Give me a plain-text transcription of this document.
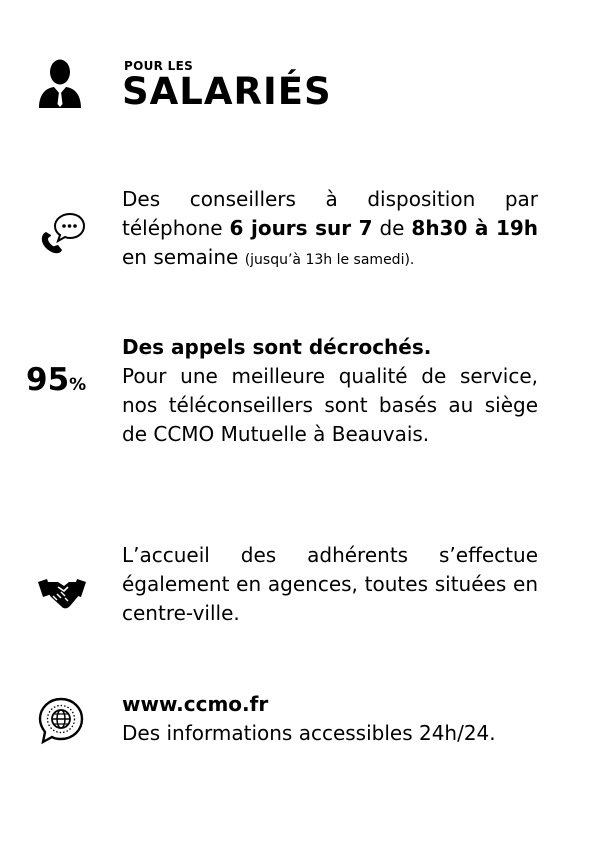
POUR LES
SALARIÉS
Des conseillers à disposition par téléphone 6 jours sur 7 de 8h30 à 19h en semaine (jusqu’à 13h le samedi).
95%
Des appels sont décrochés.
Pour une meilleure qualité de service, nos téléconseillers sont basés au siège de CCMO Mutuelle à Beauvais.
L’accueil des adhérents s’effectue également en agences, toutes situées en centre-ville.
www.ccmo.fr
Des informations accessibles 24h/24.
